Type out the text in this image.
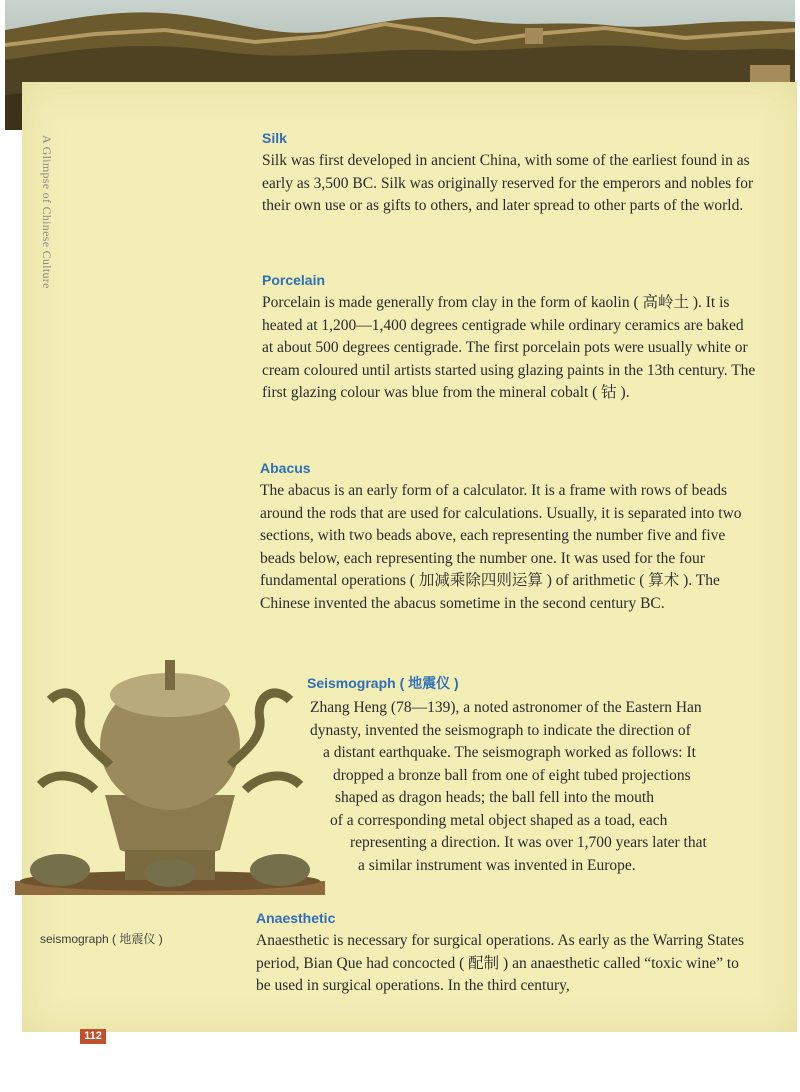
A Glimpse of Chinese Culture	Silk

Silk was first developed in ancient China, with some of the earliest found in as early as 3,500 BC. Silk was originally reserved for the emperors and nobles for their own use or as gifts to others, and later spread to other parts of the world.

Porcelain

Porcelain is made generally from clay in the form of kaolin ( 高岭土 ). It is heated at 1,200—1,400 degrees centigrade while ordinary ceramics are baked at about 500 degrees centigrade. The first porcelain pots were usually white or cream coloured until artists started using glazing paints in the 13th century. The first glazing colour was blue from the mineral cobalt ( 钴 ).

Abacus

The abacus is an early form of a calculator. It is a frame with rows of beads around the rods that are used for calculations. Usually, it is separated into two sections, with two beads above, each representing the number five and five beads below, each representing the number one. It was used for the four fundamental operations ( 加减乘除四则运算 ) of arithmetic ( 算术 ). The Chinese invented the abacus sometime in the second century BC.

Seismograph ( 地震仪 )
Zhang Heng (78—139), a noted astronomer of the Eastern Han
dynasty, invented the seismograph to indicate the direction of
a distant earthquake. The seismograph worked as follows: It
dropped a bronze ball from one of eight tubed projections
shaped as dragon heads; the ball fell into the mouth
of a corresponding metal object shaped as a toad, each
representing a direction. It was over 1,700 years later that
a similar instrument was invented in Europe.
seismograph ( 地震仪 )
Anaesthetic

Anaesthetic is necessary for surgical operations. As early as the Warring States period, Bian Que had concocted ( 配制 ) an anaesthetic called “toxic wine” to be used in surgical operations. In the third century,

112
